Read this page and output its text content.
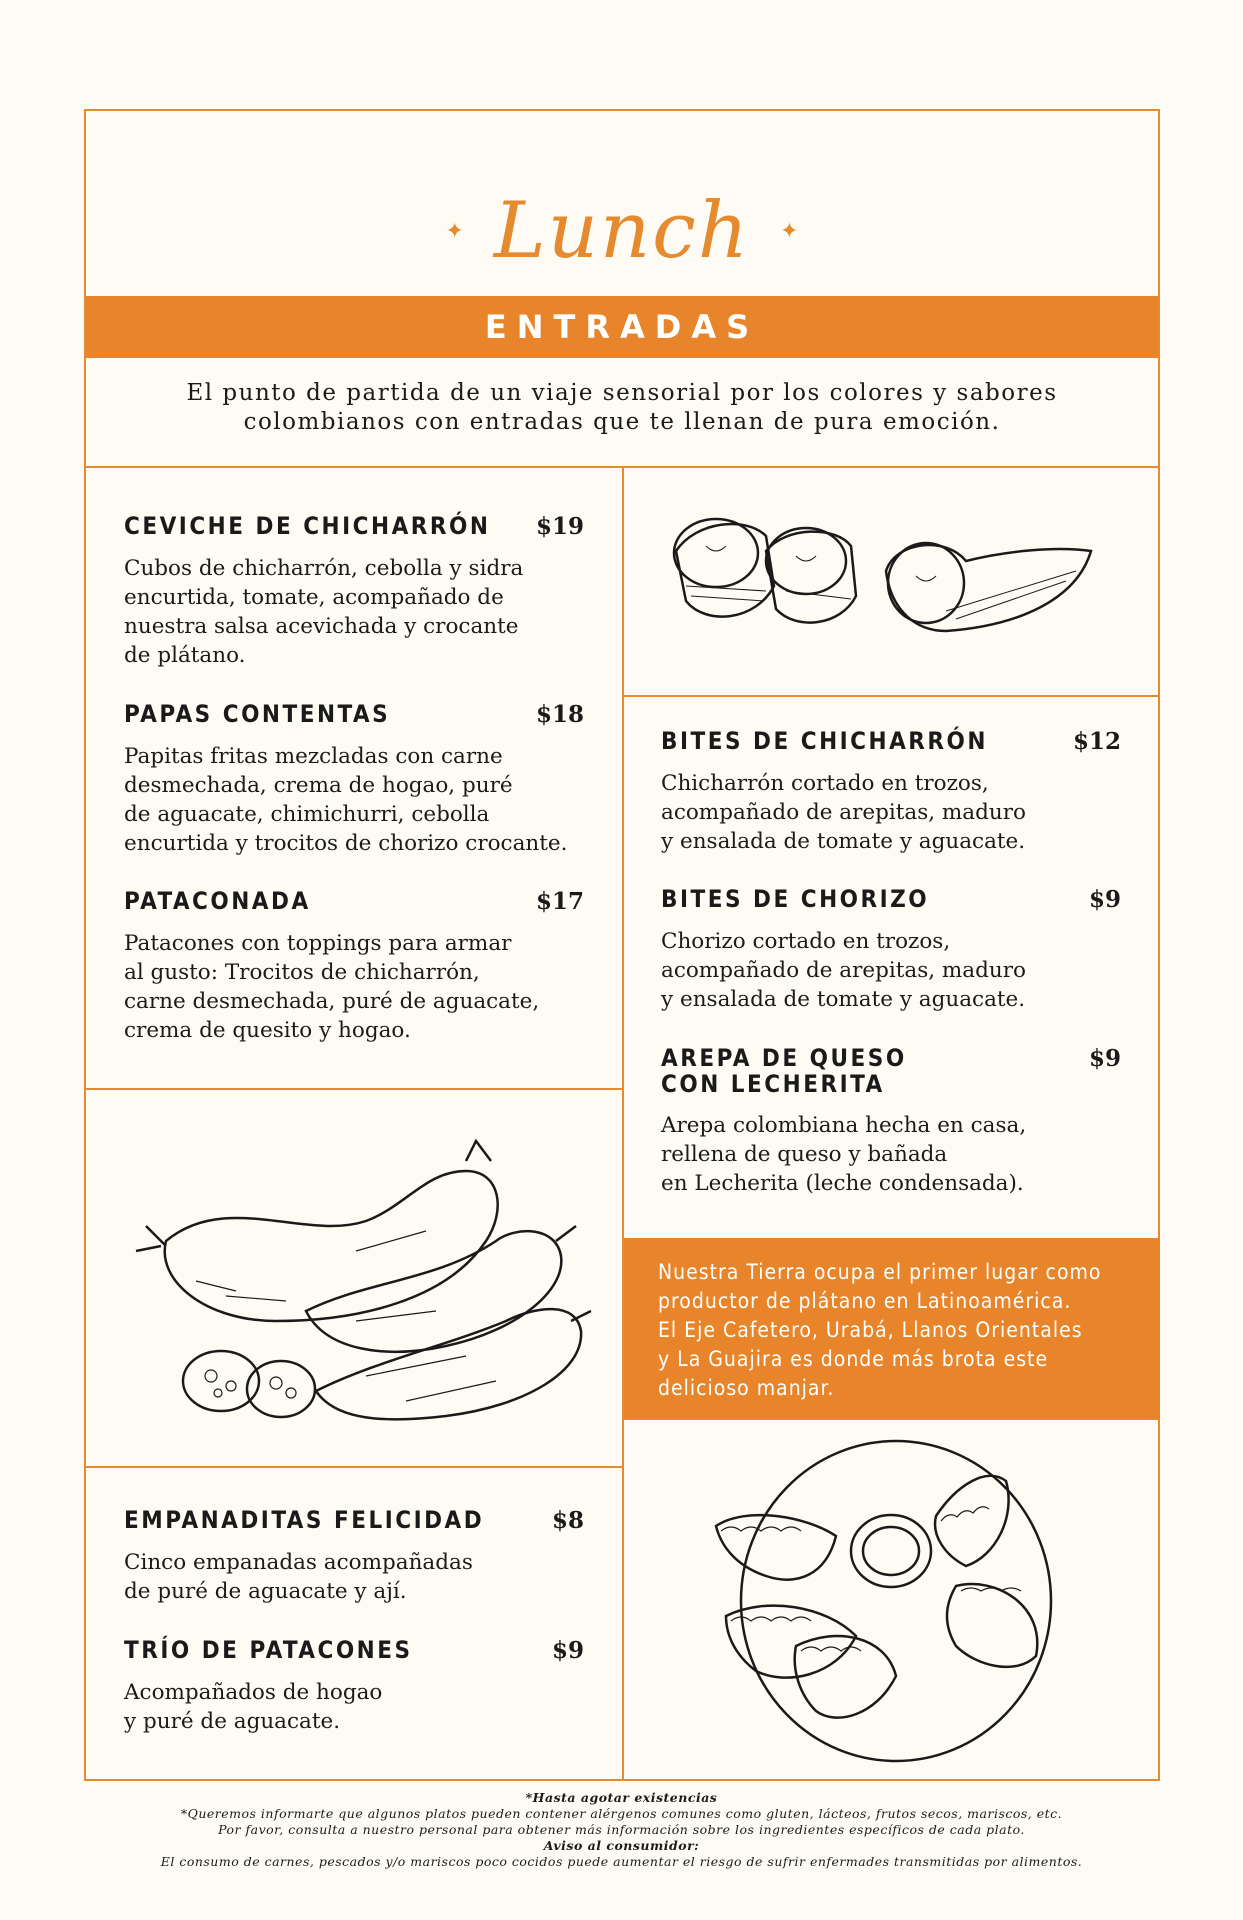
✦ Lunch ✦
ENTRADAS
El punto de partida de un viaje sensorial por los colores y sabores colombianos con entradas que te llenan de pura emoción.
CEVICHE DE CHICHARRÓN $19
Cubos de chicharrón, cebolla y sidra
encurtida, tomate, acompañado de
nuestra salsa acevichada y crocante
de plátano.
PAPAS CONTENTAS	$18
Papitas fritas mezcladas con carne
desmechada, crema de hogao, puré
de aguacate, chimichurri, cebolla
encurtida y trocitos de chorizo crocante.
PATACONADA	$17
Patacones con toppings para armar
al gusto: Trocitos de chicharrón,
carne desmechada, puré de aguacate,
crema de quesito y hogao.
BITES DE CHICHARRÓN	$12
Chicharrón cortado en trozos,
acompañado de arepitas, maduro
y ensalada de tomate y aguacate.
BITES DE CHORIZO	$9
Chorizo cortado en trozos,
acompañado de arepitas, maduro
y ensalada de tomate y aguacate.
AREPA DE QUESO
CON LECHERITA
$9
Arepa colombiana hecha en casa,
rellena de queso y bañada
en Lecherita (leche condensada).
EMPANADITAS FELICIDAD	$8
Cinco empanadas acompañadas
de puré de aguacate y ají.
TRÍO DE PATACONES	$9
Acompañados de hogao
y puré de aguacate.
Nuestra Tierra ocupa el primer lugar como
productor de plátano en Latinoamérica.
El Eje Cafetero, Urabá, Llanos Orientales
y La Guajira es donde más brota este
delicioso manjar.
*Hasta agotar existencias
*Queremos informarte que algunos platos pueden contener alérgenos comunes como gluten, lácteos, frutos secos, mariscos, etc.
Por favor, consulta a nuestro personal para obtener más información sobre los ingredientes específicos de cada plato.
Aviso al consumidor:
El consumo de carnes, pescados y/o mariscos poco cocidos puede aumentar el riesgo de sufrir enfermades transmitidas por alimentos.
